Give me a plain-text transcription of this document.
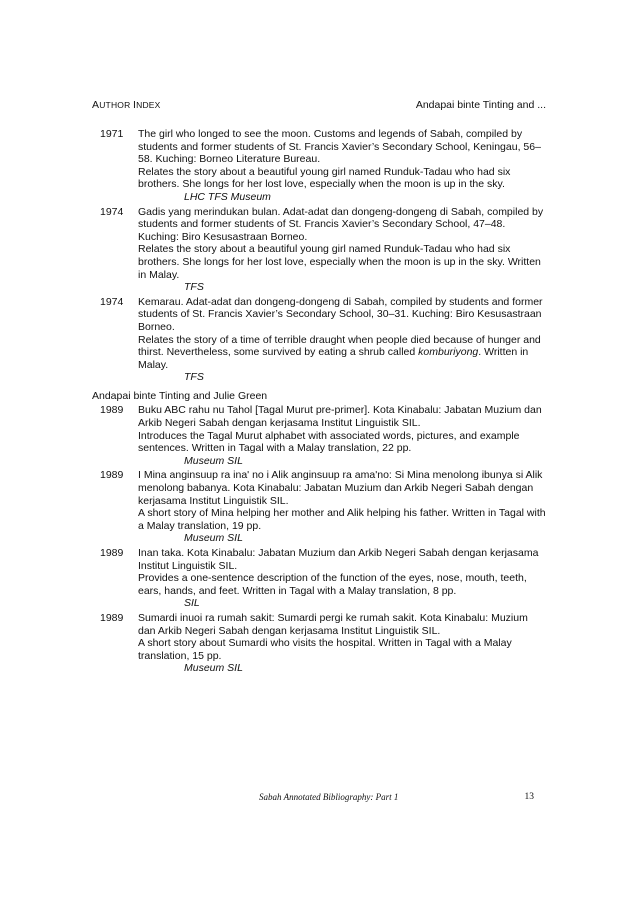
AUTHOR INDEX	Andapai binte Tinting and ...
1971 The girl who longed to see the moon. Customs and legends of Sabah, compiled by students and former students of St. Francis Xavier’s Secondary School, Keningau, 56–58. Kuching: Borneo Literature Bureau.
Relates the story about a beautiful young girl named Runduk-Tadau who had six brothers. She longs for her lost love, especially when the moon is up in the sky.
LHC TFS Museum
1974 Gadis yang merindukan bulan. Adat-adat dan dongeng-dongeng di Sabah, compiled by students and former students of St. Francis Xavier’s Secondary School, 47–48. Kuching: Biro Kesusastraan Borneo.
Relates the story about a beautiful young girl named Runduk-Tadau who had six brothers. She longs for her lost love, especially when the moon is up in the sky. Written in Malay.
TFS
1974 Kemarau. Adat-adat dan dongeng-dongeng di Sabah, compiled by students and former students of St. Francis Xavier’s Secondary School, 30–31. Kuching: Biro Kesusastraan Borneo.
Relates the story of a time of terrible draught when people died because of hunger and thirst. Nevertheless, some survived by eating a shrub called komburiyong. Written in Malay.
TFS
Andapai binte Tinting and Julie Green
1989 Buku ABC rahu nu Tahol [Tagal Murut pre-primer]. Kota Kinabalu: Jabatan Muzium dan Arkib Negeri Sabah dengan kerjasama Institut Linguistik SIL.
Introduces the Tagal Murut alphabet with associated words, pictures, and example sentences. Written in Tagal with a Malay translation, 22 pp.
Museum SIL
1989 I Mina anginsuup ra ina' no i Alik anginsuup ra ama'no: Si Mina menolong ibunya si Alik menolong babanya. Kota Kinabalu: Jabatan Muzium dan Arkib Negeri Sabah dengan kerjasama Institut Linguistik SIL.
A short story of Mina helping her mother and Alik helping his father. Written in Tagal with a Malay translation, 19 pp.
Museum SIL
1989 Inan taka. Kota Kinabalu: Jabatan Muzium dan Arkib Negeri Sabah dengan kerjasama Institut Linguistik SIL.
Provides a one-sentence description of the function of the eyes, nose, mouth, teeth, ears, hands, and feet. Written in Tagal with a Malay translation, 8 pp.
SIL
1989 Sumardi inuoi ra rumah sakit: Sumardi pergi ke rumah sakit. Kota Kinabalu: Muzium dan Arkib Negeri Sabah dengan kerjasama Institut Linguistik SIL.
A short story about Sumardi who visits the hospital. Written in Tagal with a Malay translation, 15 pp.
Museum SIL
Sabah Annotated Bibliography: Part 1	13
